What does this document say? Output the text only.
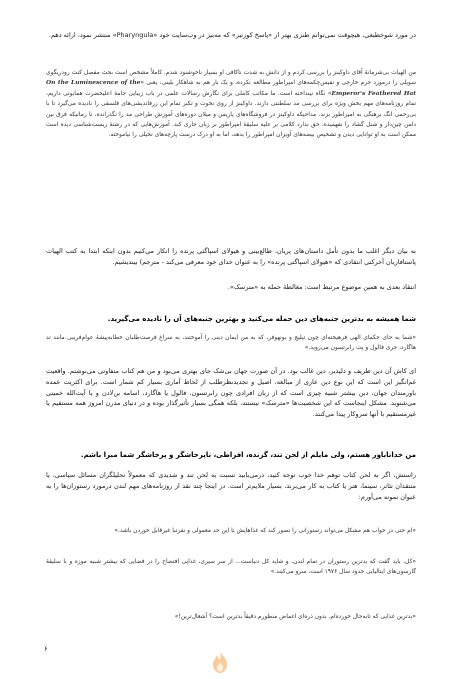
در مورد شوخطبعی، هیچوقت نمی‌توانم طنزی بهتر از «پاسخ کورتیز» که مه‌بیز در وب‌سایت خود «Pharyngula» منتشر نمود، ارائه دهم.

من الهیات بی‌شرمانهٔ آقای داوکینز را بررسی کردم و از دانش به شدت ناکافی او بسیار ناخوشنود شدم. کاملاً مشخص است بحث مفصل کنت رودریگوی سویلی را درمورد جرم خارجی و نفیس‌چکمه‌های امپراطور مطالعه نکرده، و یک بار هم به شاهکار بلینی، یعنی «On the Luminescence of the Emperor's Feathered Hat» نگاه نینداخته است. ما مکاتب کاملی برای نگارش رسالات علمی در باب زیبایی جامهٔ اعلیحضرت همایونی داریم، تمام روزنامه‌های مهم بخش ویژه برای بررسی مد سلطنتی دارند. داوکینز از روی نخوت و تکبر تمام این زرفاندیشی‌های فلسفی را نادیده می‌گیرد تا با بی‌رحمی انگ برهنگی به امپراطور بزند. مداحیکه داوکینز در فروشگاه‌های پاریس و میلان دوره‌های آموزش طراحی مد را نگذرانده، تا زمانیکه فرق بین دامن چین‌دار و شنل گشاد را نفهمیده، حق ندارد کلامی بر علیه سلیقهٔ امپراطور بر زبان جاری کند. آموزش‌هایی که در رشتهٔ زیست‌شناسی دیده است ممکن است به او توانایی دیدن و تشخیص بیضه‌های آویزان امپراطور را بدهد، اما به او درک درست پارچه‌های تخیلی را نیاموخته.

به بیان دیگر اغلب ما بدون تأمل داستان‌های پریان، طالع‌بینی و هیولای اسپاگتی پرنده را انکار می‌کنیم بدون اینکه ابتدا به کتب الهیات پاستافاریان آخرکتی انتقادی که «هیولای اسپاگتی پرنده» را به عنوان خدای خود معرفی می‌کند - مترجم) بیندیشیم.

انتقاد بعدی به همین موضوع مرتبط است: مغالطهٔ حمله به «مترسک».

شما همیشه به بدترین جنبه‌های دین حمله می‌کنید و بهترین جنبه‌های آن را نادیده می‌گیرید.

«شما به جای حکمای الهی فرهیخته‌ای چون تیلیچ و بونهوفر، که به من ایمان دینی را آموختند، به سراغ فرصت‌طلبان خطابه‌پیشهٔ عوام‌فریبی مانند تد هاگارد، جری فالول و پت رابرتسون می‌روید.»

ای کاش آن دین ظریف و دلپذیر، دین غالب بود. در آن صورت جهان بی‌شک جای بهتری می‌بود و من هم کتاب متفاوتی می‌نوشتم. واقعیت غم‌انگیز این است که این نوع دین عاری از مبالغه، اصیل و تجدیدنظرطلب از لحاظ آماری بسیار کم شمار است. برای اکثریت عمده باورمندان جهان، دین بیشتر شبیه چیزی است که از زبان افرادی چون رابرتسون، فالول یا هاگارد، اسامه بن‌لادن و یا آیت‌الله خمینی می‌شنوید. مشکل اینجاست که این شخصیت‌ها «مترسک» نیستند، بلکه همگی بسیار تأثیرگذار بوده و در دنیای مدرن امروز همه مستقیم یا غیرمستقیم با آنها سروکار پیدا می‌کنند.

من خداناباور هستم، ولی مایلم از لحن تند، گزنده، افراطی، ناپرخاشگر و پرخاشگر شما مبرا باشم.

راستش، اگر به لحن کتاب توهم خدا خوب توجه کنید، درمی‌یابید نسبت به لحن تند و شدیدی که معمولاً تحلیلگران مسائل سیاسی، یا منتقدان تئاتر، سینما، هنر یا کتاب به کار می‌برند، بسیار ملایم‌تر است. در اینجا چند نقد از روزنامه‌های مهم لندن درمورد رستوران‌ها را به عنوان نمونه می‌آورم:

«ام حتی در خواب هم مشکل می‌تواند رستورانی را تصور کند که غذاهایش تا این حد معمولی و نفرتبا غیرقابل خوردن باشد.»

«کل، باید گفت که بدترین رستوران در تمام لندن، و شاید کل دنیاست... از سر سیری، غذایی افتضاح را در فضایی که بیشتر شبیه موزه و با سلیقهٔ گارسون‌های ایتالیایی حدود سال ۱۹۷۶ است، سرو می‌کنند.»

«بدترین غذایی که تابه‌حال خورده‌ام. بدون ذره‌ای اغماض منظورم دقیقاً بدترین است؟ آشغال‌ترین!»

۶
